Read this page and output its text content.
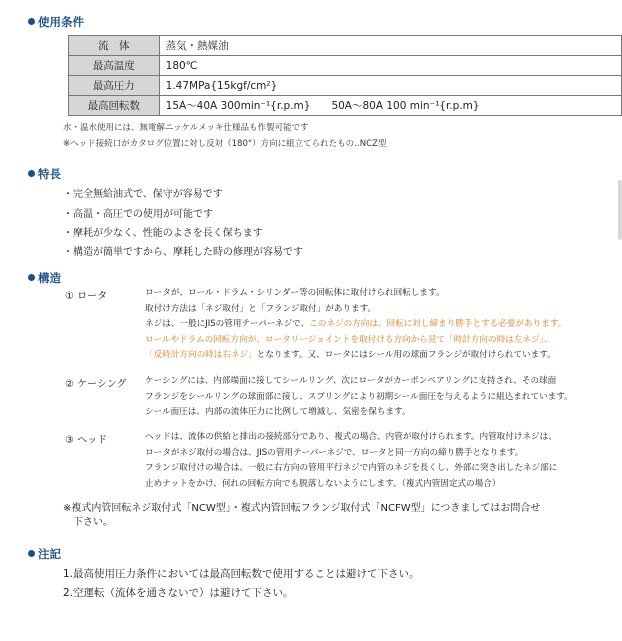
使用条件
流　体	蒸気・熱媒油
最高温度	180℃
最高圧力	1.47MPa{15kgf/cm²}
最高回転数	15A～40A 300min⁻¹{r.p.m}　　50A～80A 100 min⁻¹{r.p.m}
水・温水使用には、無電解ニッケルメッキ仕様品も作製可能です
※ヘッド接続口がカタログ位置に対し反対（180°）方向に組立てられたもの‥NCZ型
特長
・完全無給油式で、保守が容易です
・高温・高圧での使用が可能です
・摩耗が少なく、性能のよさを長く保ちます
・構造が簡単ですから、摩耗した時の修理が容易です
構造
① ロータ	ロータが、ロール・ドラム・シリンダー等の回転体に取付けられ回転します。
取付け方法は「ネジ取付」と「フランジ取付」があります。
ネジは、一般にJISの管用テーパーネジで、このネジの方向は、回転に対し締まり勝手とする必要があります。
ロールやドラムの回転方向が、ロータリージョイントを取付ける方向から見て「時計方向の時は左ネジ」、
「反時計方向の時は右ネジ」となります。又、ロータにはシール用の球面フランジが取付けられています。
② ケーシング ケーシングには、内部端面に接してシールリング、次にロータがカーボンベアリングに支持され、その球面
フランジをシールリングの球面部に接し、スプリングにより初期シール面圧を与えるように組込まれています。
シール面圧は、内部の流体圧力に比例して増減し、気密を保ちます。
③ ヘッド	ヘッドは、流体の供給と排出の接続部分であり、複式の場合、内管が取付けられます。内管取付けネジは、
ロータがネジ取付の場合は、JISの管用テーパーネジで、ロータと同一方向の締り勝手となります。
フランジ取付けの場合は、一般に右方向の管用平行ネジで内管のネジを長くし、外部に突き出したネジ部に
止めナットをかけ、何れの回転方向でも脱落しないようにします。（複式内管固定式の場合）
※複式内管回転ネジ取付式「NCW型」・複式内管回転フランジ取付式「NCFW型」につきましてはお問合せ
　下さい。
注記
1.最高使用圧力条件においては最高回転数で使用することは避けて下さい。
2.空運転（流体を通さないで）は避けて下さい。
